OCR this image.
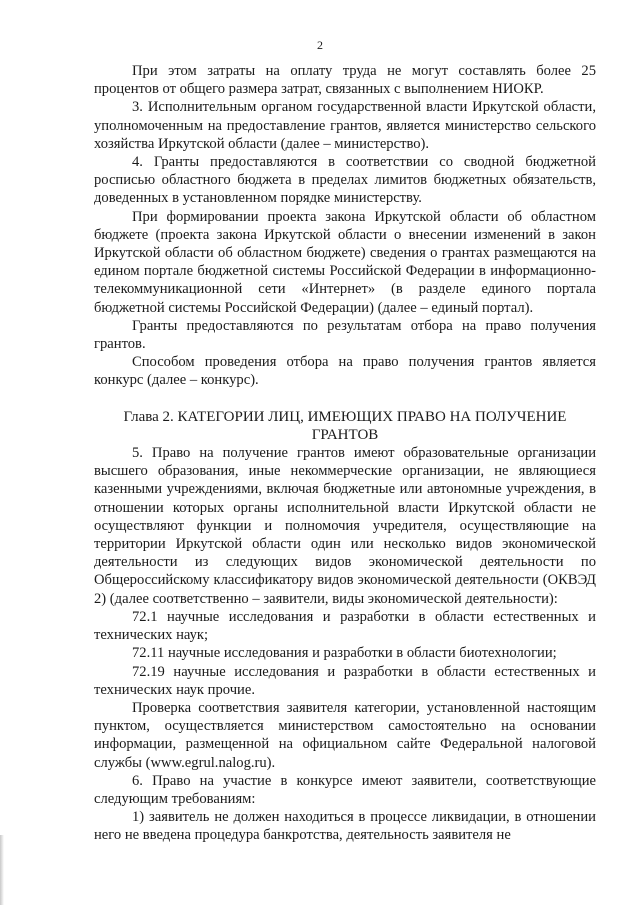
2

При этом затраты на оплату труда не могут составлять более 25 процентов от общего размера затрат, связанных с выполнением НИОКР.

3. Исполнительным органом государственной власти Иркутской области, уполномоченным на предоставление грантов, является министерство сельского хозяйства Иркутской области (далее – министерство).

4. Гранты предоставляются в соответствии со сводной бюджетной росписью областного бюджета в пределах лимитов бюджетных обязательств, доведенных в установленном порядке министерству.

При формировании проекта закона Иркутской области об областном бюджете (проекта закона Иркутской области о внесении изменений в закон Иркутской области об областном бюджете) сведения о грантах размещаются на едином портале бюджетной системы Российской Федерации в информационно-телекоммуникационной сети «Интернет» (в разделе единого портала бюджетной системы Российской Федерации) (далее – единый портал).

Гранты предоставляются по результатам отбора на право получения грантов.

Способом проведения отбора на право получения грантов является конкурс (далее – конкурс).

Глава 2. КАТЕГОРИИ ЛИЦ, ИМЕЮЩИХ ПРАВО НА ПОЛУЧЕНИЕ ГРАНТОВ

5. Право на получение грантов имеют образовательные организации высшего образования, иные некоммерческие организации, не являющиеся казенными учреждениями, включая бюджетные или автономные учреждения, в отношении которых органы исполнительной власти Иркутской области не осуществляют функции и полномочия учредителя, осуществляющие на территории Иркутской области один или несколько видов экономической деятельности из следующих видов экономической деятельности по Общероссийскому классификатору видов экономической деятельности (ОКВЭД 2) (далее соответственно – заявители, виды экономической деятельности):

72.1 научные исследования и разработки в области естественных и технических наук;

72.11 научные исследования и разработки в области биотехнологии;

72.19 научные исследования и разработки в области естественных и технических наук прочие.

Проверка соответствия заявителя категории, установленной настоящим пунктом, осуществляется министерством самостоятельно на основании информации, размещенной на официальном сайте Федеральной налоговой службы (www.egrul.nalog.ru).

6. Право на участие в конкурсе имеют заявители, соответствующие следующим требованиям:

1) заявитель не должен находиться в процессе ликвидации, в отношении него не введена процедура банкротства, деятельность заявителя не
